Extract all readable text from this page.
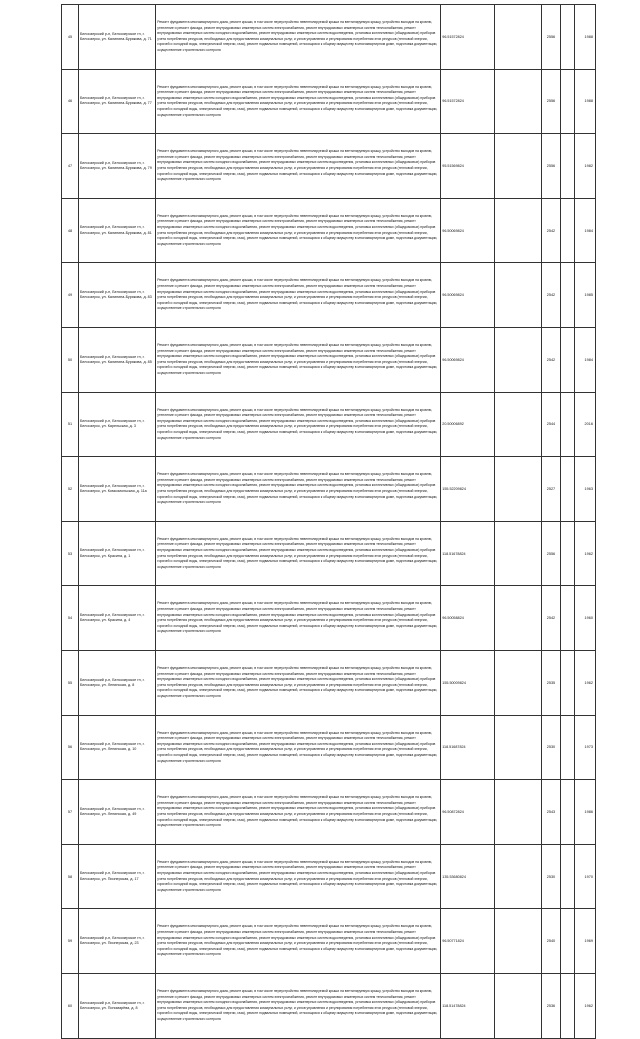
45	Белоозерский р-н, Белоозерское гп, г. Белоозерск, ул. Калинина-Бурякова, д. 71	Ремонт фундамента многоквартирного дома, ремонт крыши, в том числе переустройство невентилируемой крыши на вентилируемую крышу, устройство выходов на кровлю, утепление и ремонт фасада, ремонт внутридомовых инженерных систем электроснабжения, ремонт внутридомовых инженерных систем теплоснабжения, ремонт внутридомовых инженерных систем холодного водоснабжения, ремонт внутридомовых инженерных систем водоотведения, установка коллективных (общедомовых) приборов учета потребления ресурсов, необходимых для предоставления коммунальных услуг, и узлов управления и регулирования потребления этих ресурсов (тепловой энергии, горячей и холодной воды, электрической энергии, газа), ремонт подвальных помещений, относящихся к общему имуществу в многоквартирном доме, подготовка документации, осуществление строительного контроля	96.51572824		2556		1988
46	Белоозерский р-н, Белоозерское гп, г. Белоозерск, ул. Калинина-Бурякова, д. 77	Ремонт фундамента многоквартирного дома, ремонт крыши, в том числе переустройство невентилируемой крыши на вентилируемую крышу, устройство выходов на кровлю, утепление и ремонт фасада, ремонт внутридомовых инженерных систем электроснабжения, ремонт внутридомовых инженерных систем теплоснабжения, ремонт внутридомовых инженерных систем холодного водоснабжения, ремонт внутридомовых инженерных систем водоотведения, установка коллективных (общедомовых) приборов учета потребления ресурсов, необходимых для предоставления коммунальных услуг, и узлов управления и регулирования потребления этих ресурсов (тепловой энергии, горячей и холодной воды, электрической энергии, газа), ремонт подвальных помещений, относящихся к общему имуществу в многоквартирном доме, подготовка документации, осуществление строительного контроля	96.51572824		2556		1988
47	Белоозерский р-н, Белоозерское гп, г. Белоозерск, ул. Калинина-Бурякова, д. 79	Ремонт фундамента многоквартирного дома, ремонт крыши, в том числе переустройство невентилируемой крыши на вентилируемую крышу, устройство выходов на кровлю, утепление и ремонт фасада, ремонт внутридомовых инженерных систем электроснабжения, ремонт внутридомовых инженерных систем теплоснабжения, ремонт внутридомовых инженерных систем холодного водоснабжения, ремонт внутридомовых инженерных систем водоотведения, установка коллективных (общедомовых) приборов учета потребления ресурсов, необходимых для предоставления коммунальных услуг, и узлов управления и регулирования потребления этих ресурсов (тепловой энергии, горячей и холодной воды, электрической энергии, газа), ремонт подвальных помещений, относящихся к общему имуществу в многоквартирном доме, подготовка документации, осуществление строительного контроля	95.51569824		2556		1982
48	Белоозерский р-н, Белоозерское гп, г. Белоозерск, ул. Калинина-Бурякова, д. 81	Ремонт фундамента многоквартирного дома, ремонт крыши, в том числе переустройство невентилируемой крыши на вентилируемую крышу, устройство выходов на кровлю, утепление и ремонт фасада, ремонт внутридомовых инженерных систем электроснабжения, ремонт внутридомовых инженерных систем теплоснабжения, ремонт внутридомовых инженерных систем холодного водоснабжения, ремонт внутридомовых инженерных систем водоотведения, установка коллективных (общедомовых) приборов учета потребления ресурсов, необходимых для предоставления коммунальных услуг, и узлов управления и регулирования потребления этих ресурсов (тепловой энергии, горячей и холодной воды, электрической энергии, газа), ремонт подвальных помещений, относящихся к общему имуществу в многоквартирном доме, подготовка документации, осуществление строительного контроля	96.50069824		2542		1984
49	Белоозерский р-н, Белоозерское гп, г. Белоозерск, ул. Калинина-Бурякова, д. 83	Ремонт фундамента многоквартирного дома, ремонт крыши, в том числе переустройство невентилируемой крыши на вентилируемую крышу, устройство выходов на кровлю, утепление и ремонт фасада, ремонт внутридомовых инженерных систем электроснабжения, ремонт внутридомовых инженерных систем теплоснабжения, ремонт внутридомовых инженерных систем холодного водоснабжения, ремонт внутридомовых инженерных систем водоотведения, установка коллективных (общедомовых) приборов учета потребления ресурсов, необходимых для предоставления коммунальных услуг, и узлов управления и регулирования потребления этих ресурсов (тепловой энергии, горячей и холодной воды, электрической энергии, газа), ремонт подвальных помещений, относящихся к общему имуществу в многоквартирном доме, подготовка документации, осуществление строительного контроля	96.50069824		2542		1985
50	Белоозерский р-н, Белоозерское гп, г. Белоозерск, ул. Калинина-Бурякова, д. 85	Ремонт фундамента многоквартирного дома, ремонт крыши, в том числе переустройство невентилируемой крыши на вентилируемую крышу, устройство выходов на кровлю, утепление и ремонт фасада, ремонт внутридомовых инженерных систем электроснабжения, ремонт внутридомовых инженерных систем теплоснабжения, ремонт внутридомовых инженерных систем холодного водоснабжения, ремонт внутридомовых инженерных систем водоотведения, установка коллективных (общедомовых) приборов учета потребления ресурсов, необходимых для предоставления коммунальных услуг, и узлов управления и регулирования потребления этих ресурсов (тепловой энергии, горячей и холодной воды, электрической энергии, газа), ремонт подвальных помещений, относящихся к общему имуществу в многоквартирном доме, подготовка документации, осуществление строительного контроля	96.50069824		2542		1984
51	Белоозерский р-н, Белоозерское гп, г. Белоозерск, ул. Карельская, д. 3	Ремонт фундамента многоквартирного дома, ремонт крыши, в том числе переустройство невентилируемой крыши на вентилируемую крышу, устройство выходов на кровлю, утепление и ремонт фасада, ремонт внутридомовых инженерных систем электроснабжения, ремонт внутридомовых инженерных систем теплоснабжения, ремонт внутридомовых инженерных систем холодного водоснабжения, ремонт внутридомовых инженерных систем водоотведения, установка коллективных (общедомовых) приборов учета потребления ресурсов, необходимых для предоставления коммунальных услуг, и узлов управления и регулирования потребления этих ресурсов (тепловой энергии, горячей и холодной воды, электрической энергии, газа), ремонт подвальных помещений, относящихся к общему имуществу в многоквартирном доме, подготовка документации, осуществление строительного контроля	20.50006892		2544		2016
52	Белоозерский р-н, Белоозерское гп, г. Белоозерск, ул. Комсомольская, д. 11а	Ремонт фундамента многоквартирного дома, ремонт крыши, в том числе переустройство невентилируемой крыши на вентилируемую крышу, устройство выходов на кровлю, утепление и ремонт фасада, ремонт внутридомовых инженерных систем электроснабжения, ремонт внутридомовых инженерных систем теплоснабжения, ремонт внутридомовых инженерных систем холодного водоснабжения, ремонт внутридомовых инженерных систем водоотведения, установка коллективных (общедомовых) приборов учета потребления ресурсов, необходимых для предоставления коммунальных услуг, и узлов управления и регулирования потребления этих ресурсов (тепловой энергии, горячей и холодной воды, электрической энергии, газа), ремонт подвальных помещений, относящихся к общему имуществу в многоквартирном доме, подготовка документации, осуществление строительного контроля	155.52209824		2527		1963
53	Белоозерский р-н, Белоозерское гп, г. Белоозерск, ул. Красина, д. 1	Ремонт фундамента многоквартирного дома, ремонт крыши, в том числе переустройство невентилируемой крыши на вентилируемую крышу, устройство выходов на кровлю, утепление и ремонт фасада, ремонт внутридомовых инженерных систем электроснабжения, ремонт внутридомовых инженерных систем теплоснабжения, ремонт внутридомовых инженерных систем холодного водоснабжения, ремонт внутридомовых инженерных систем водоотведения, установка коллективных (общедомовых) приборов учета потребления ресурсов, необходимых для предоставления коммунальных услуг, и узлов управления и регулирования потребления этих ресурсов (тепловой энергии, горячей и холодной воды, электрической энергии, газа), ремонт подвальных помещений, относящихся к общему имуществу в многоквартирном доме, подготовка документации, осуществление строительного контроля	118.51678824		2556		1962
54	Белоозерский р-н, Белоозерское гп, г. Белоозерск, ул. Красина, д. 4	Ремонт фундамента многоквартирного дома, ремонт крыши, в том числе переустройство невентилируемой крыши на вентилируемую крышу, устройство выходов на кровлю, утепление и ремонт фасада, ремонт внутридомовых инженерных систем электроснабжения, ремонт внутридомовых инженерных систем теплоснабжения, ремонт внутридомовых инженерных систем холодного водоснабжения, ремонт внутридомовых инженерных систем водоотведения, установка коллективных (общедомовых) приборов учета потребления ресурсов, необходимых для предоставления коммунальных услуг, и узлов управления и регулирования потребления этих ресурсов (тепловой энергии, горячей и холодной воды, электрической энергии, газа), ремонт подвальных помещений, относящихся к общему имуществу в многоквартирном доме, подготовка документации, осуществление строительного контроля	96.50058824		2542		1960
55	Белоозерский р-н, Белоозерское гп, г. Белоозерск, ул. Ленинская, д. 8	Ремонт фундамента многоквартирного дома, ремонт крыши, в том числе переустройство невентилируемой крыши на вентилируемую крышу, устройство выходов на кровлю, утепление и ремонт фасада, ремонт внутридомовых инженерных систем электроснабжения, ремонт внутридомовых инженерных систем теплоснабжения, ремонт внутридомовых инженерных систем холодного водоснабжения, ремонт внутридомовых инженерных систем водоотведения, установка коллективных (общедомовых) приборов учета потребления ресурсов, необходимых для предоставления коммунальных услуг, и узлов управления и регулирования потребления этих ресурсов (тепловой энергии, горячей и холодной воды, электрической энергии, газа), ремонт подвальных помещений, относящихся к общему имуществу в многоквартирном доме, подготовка документации, осуществление строительного контроля	155.50009824		2535		1962
56	Белоозерский р-н, Белоозерское гп, г. Белоозерск, ул. Ленинская, д. 10	Ремонт фундамента многоквартирного дома, ремонт крыши, в том числе переустройство невентилируемой крыши на вентилируемую крышу, устройство выходов на кровлю, утепление и ремонт фасада, ремонт внутридомовых инженерных систем электроснабжения, ремонт внутридомовых инженерных систем теплоснабжения, ремонт внутридомовых инженерных систем холодного водоснабжения, ремонт внутридомовых инженерных систем водоотведения, установка коллективных (общедомовых) приборов учета потребления ресурсов, необходимых для предоставления коммунальных услуг, и узлов управления и регулирования потребления этих ресурсов (тепловой энергии, горячей и холодной воды, электрической энергии, газа), ремонт подвальных помещений, относящихся к общему имуществу в многоквартирном доме, подготовка документации, осуществление строительного контроля	118.51687824		2530		1973
57	Белоозерский р-н, Белоозерское гп, г. Белоозерск, ул. Ленинская, д. 49	Ремонт фундамента многоквартирного дома, ремонт крыши, в том числе переустройство невентилируемой крыши на вентилируемую крышу, устройство выходов на кровлю, утепление и ремонт фасада, ремонт внутридомовых инженерных систем электроснабжения, ремонт внутридомовых инженерных систем теплоснабжения, ремонт внутридомовых инженерных систем холодного водоснабжения, ремонт внутридомовых инженерных систем водоотведения, установка коллективных (общедомовых) приборов учета потребления ресурсов, необходимых для предоставления коммунальных услуг, и узлов управления и регулирования потребления этих ресурсов (тепловой энергии, горячей и холодной воды, электрической энергии, газа), ремонт подвальных помещений, относящихся к общему имуществу в многоквартирном доме, подготовка документации, осуществление строительного контроля	96.50872824		2543		1986
58	Белоозерский р-н, Белоозерское гп, г. Белоозерск, ул. Пионерская, д. 17	Ремонт фундамента многоквартирного дома, ремонт крыши, в том числе переустройство невентилируемой крыши на вентилируемую крышу, устройство выходов на кровлю, утепление и ремонт фасада, ремонт внутридомовых инженерных систем электроснабжения, ремонт внутридомовых инженерных систем теплоснабжения, ремонт внутридомовых инженерных систем холодного водоснабжения, ремонт внутридомовых инженерных систем водоотведения, установка коллективных (общедомовых) приборов учета потребления ресурсов, необходимых для предоставления коммунальных услуг, и узлов управления и регулирования потребления этих ресурсов (тепловой энергии, горячей и холодной воды, электрической энергии, газа), ремонт подвальных помещений, относящихся к общему имуществу в многоквартирном доме, подготовка документации, осуществление строительного контроля	135.53680824		2530		1970
59	Белоозерский р-н, Белоозерское гп, г. Белоозерск, ул. Пионерская, д. 23	Ремонт фундамента многоквартирного дома, ремонт крыши, в том числе переустройство невентилируемой крыши на вентилируемую крышу, устройство выходов на кровлю, утепление и ремонт фасада, ремонт внутридомовых инженерных систем электроснабжения, ремонт внутридомовых инженерных систем теплоснабжения, ремонт внутридомовых инженерных систем холодного водоснабжения, ремонт внутридомовых инженерных систем водоотведения, установка коллективных (общедомовых) приборов учета потребления ресурсов, необходимых для предоставления коммунальных услуг, и узлов управления и регулирования потребления этих ресурсов (тепловой энергии, горячей и холодной воды, электрической энергии, газа), ремонт подвальных помещений, относящихся к общему имуществу в многоквартирном доме, подготовка документации, осуществление строительного контроля	96.50771824		2540		1969
60	Белоозерский р-н, Белоозерское гп, г. Белоозерск, ул. Пономарёва, д. 8	Ремонт фундамента многоквартирного дома, ремонт крыши, в том числе переустройство невентилируемой крыши на вентилируемую крышу, устройство выходов на кровлю, утепление и ремонт фасада, ремонт внутридомовых инженерных систем электроснабжения, ремонт внутридомовых инженерных систем теплоснабжения, ремонт внутридомовых инженерных систем холодного водоснабжения, ремонт внутридомовых инженерных систем водоотведения, установка коллективных (общедомовых) приборов учета потребления ресурсов, необходимых для предоставления коммунальных услуг, и узлов управления и регулирования потребления этих ресурсов (тепловой энергии, горячей и холодной воды, электрической энергии, газа), ремонт подвальных помещений, относящихся к общему имуществу в многоквартирном доме, подготовка документации, осуществление строительного контроля	118.51478824		2536		1962
